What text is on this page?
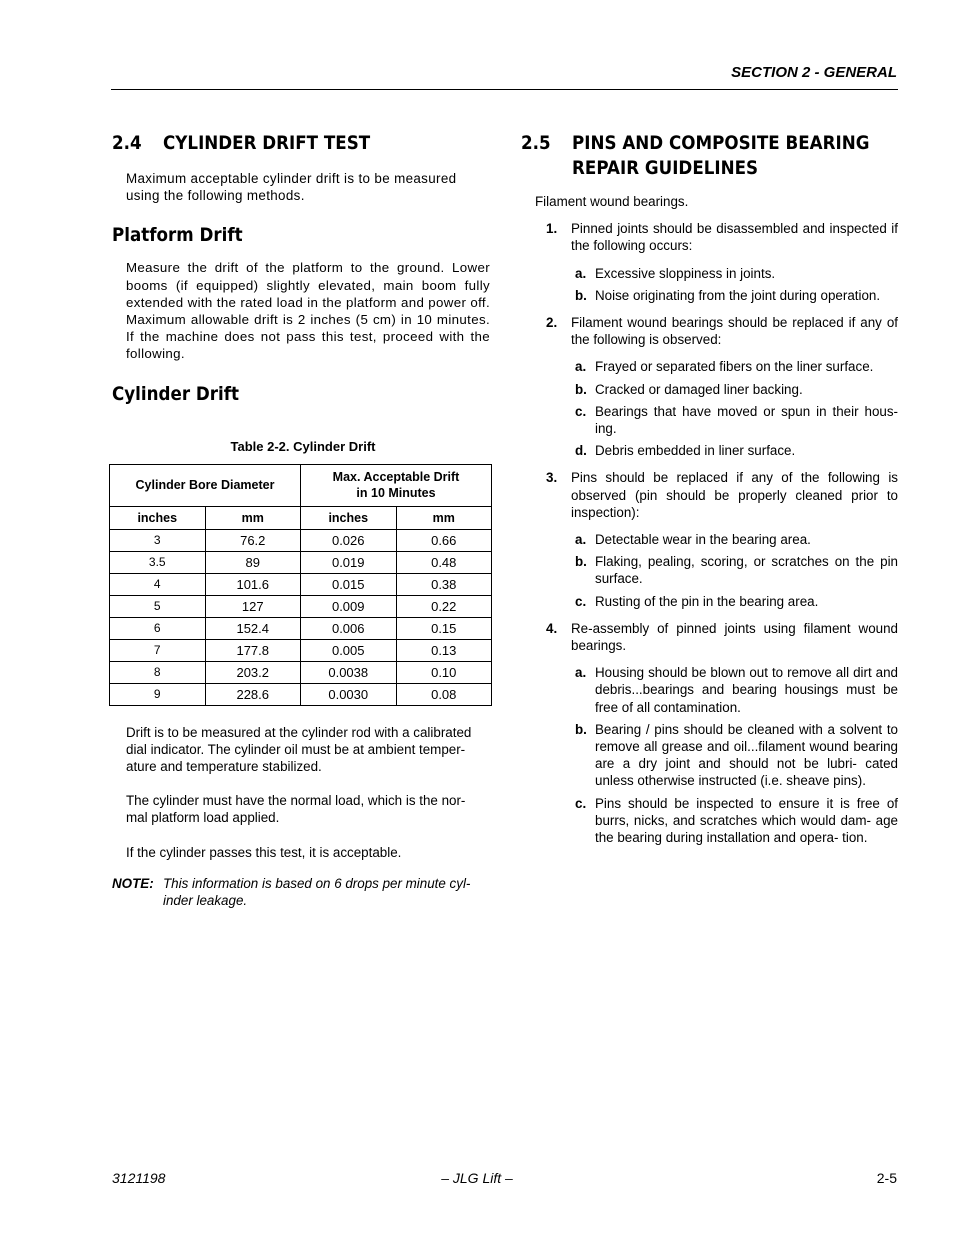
SECTION 2 - GENERAL
2.4	CYLINDER DRIFT TEST

Maximum acceptable cylinder drift is to be measured using the following methods.

Platform Drift

Measure the drift of the platform to the ground. Lower booms (if equipped) slightly elevated, main boom fully extended with the rated load in the platform and power off. Maximum allowable drift is 2 inches (5 cm) in 10 minutes. If the machine does not pass this test, proceed with the following.

Cylinder Drift

Table 2-2. Cylinder Drift

Cylinder Bore Diameter		Max. Acceptable Drift
in 10 Minutes	
inches	mm	inches	mm
3	76.2	0.026	0.66
3.5	89	0.019	0.48
4	101.6	0.015	0.38
5	127	0.009	0.22
6	152.4	0.006	0.15
7	177.8	0.005	0.13
8	203.2	0.0038	0.10
9	228.6	0.0030	0.08

Drift is to be measured at the cylinder rod with a calibrated dial indicator. The cylinder oil must be at ambient temper- ature and temperature stabilized.

The cylinder must have the normal load, which is the nor- mal platform load applied.

If the cylinder passes this test, it is acceptable.

NOTE: This information is based on 6 drops per minute cyl- inder leakage.
2.5	PINS AND COMPOSITE BEARING
REPAIR GUIDELINES

Filament wound bearings.

1.	Pinned joints should be disassembled and inspected if the following occurs:
a. Excessive sloppiness in joints.
b. Noise originating from the joint during operation.
2.	Filament wound bearings should be replaced if any of the following is observed:
a. Frayed or separated fibers on the liner surface.
b. Cracked or damaged liner backing.
c. Bearings that have moved or spun in their hous- ing.
d. Debris embedded in liner surface.
3.	Pins should be replaced if any of the following is observed (pin should be properly cleaned prior to inspection):
a. Detectable wear in the bearing area.
b. Flaking, pealing, scoring, or scratches on the pin surface.
c. Rusting of the pin in the bearing area.
4.	Re-assembly of pinned joints using filament wound bearings.
a. Housing should be blown out to remove all dirt and debris...bearings and bearing housings must be free of all contamination.
b. Bearing / pins should be cleaned with a solvent to remove all grease and oil...filament wound bearing are a dry joint and should not be lubri- cated unless otherwise instructed (i.e. sheave pins).
c. Pins should be inspected to ensure it is free of burrs, nicks, and scratches which would dam- age the bearing during installation and opera- tion.
3121198	– JLG Lift –	2-5
